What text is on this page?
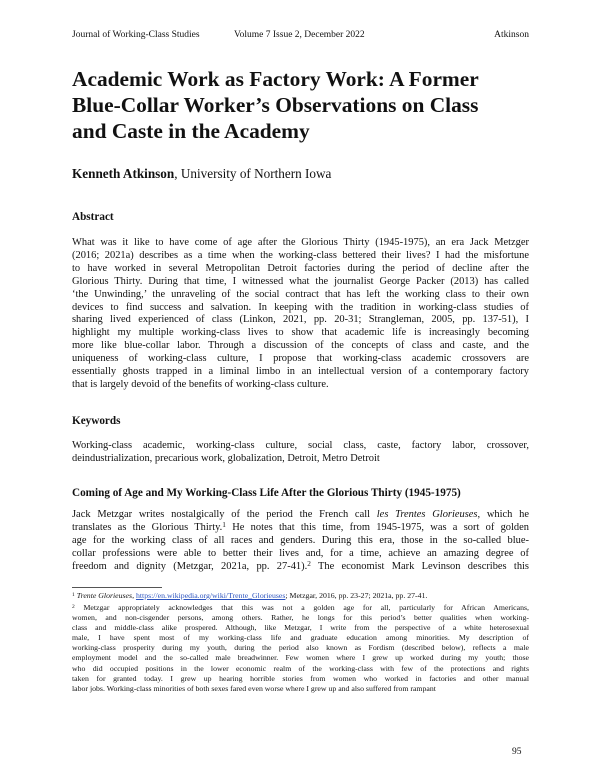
Journal of Working-Class Studies	Volume 7 Issue 2, December 2022	Atkinson
Academic Work as Factory Work: A Former
Blue-Collar Worker’s Observations on Class
and Caste in the Academy
Kenneth Atkinson, University of Northern Iowa
Abstract
What was it like to have come of age after the Glorious Thirty (1945-1975), an era Jack Metzger
(2016; 2021a) describes as a time when the working-class bettered their lives? I had the misfortune
to have worked in several Metropolitan Detroit factories during the period of decline after the
Glorious Thirty. During that time, I witnessed what the journalist George Packer (2013) has called
‘the Unwinding,’ the unraveling of the social contract that has left the working class to their own
devices to find success and salvation. In keeping with the tradition in working-class studies of
sharing lived experienced of class (Linkon, 2021, pp. 20-31; Strangleman, 2005, pp. 137-51), I
highlight my multiple working-class lives to show that academic life is increasingly becoming
more like blue-collar labor. Through a discussion of the concepts of class and caste, and the
uniqueness of working-class culture, I propose that working-class academic crossovers are
essentially ghosts trapped in a liminal limbo in an intellectual version of a contemporary factory
that is largely devoid of the benefits of working-class culture.
Keywords
Working-class academic, working-class culture, social class, caste, factory labor, crossover,
deindustrialization, precarious work, globalization, Detroit, Metro Detroit
Coming of Age and My Working-Class Life After the Glorious Thirty (1945-1975)
Jack Metzgar writes nostalgically of the period the French call les Trentes Glorieuses, which he
translates as the Glorious Thirty.$^1$ He notes that this time, from 1945-1975, was a sort of golden
age for the working class of all races and genders. During this era, those in the so-called blue-
collar professions were able to better their lives and, for a time, achieve an amazing degree of
freedom and dignity (Metzgar, 2021a, pp. 27-41).$^2$ The economist Mark Levinson describes this
$^1$ Trente Glorieuses, https://en.wikipedia.org/wiki/Trente_Glorieuses; Metzgar, 2016, pp. 23-27; 2021a, pp. 27-41.
$^2$ Metzgar appropriately acknowledges that this was not a golden age for all, particularly for African Americans,
women, and non-cisgender persons, among others. Rather, he longs for this period’s better qualities when working-
class and middle-class alike prospered. Although, like Metzgar, I write from the perspective of a white heterosexual
male, I have spent most of my working-class life and graduate education among minorities. My description of
working-class prosperity during my youth, during the period also known as Fordism (described below), reflects a male
employment model and the so-called male breadwinner. Few women where I grew up worked during my youth; those
who did occupied positions in the lower economic realm of the working-class with few of the protections and rights
taken for granted today. I grew up hearing horrible stories from women who worked in factories and other manual
labor jobs. Working-class minorities of both sexes fared even worse where I grew up and also suffered from rampant
95
